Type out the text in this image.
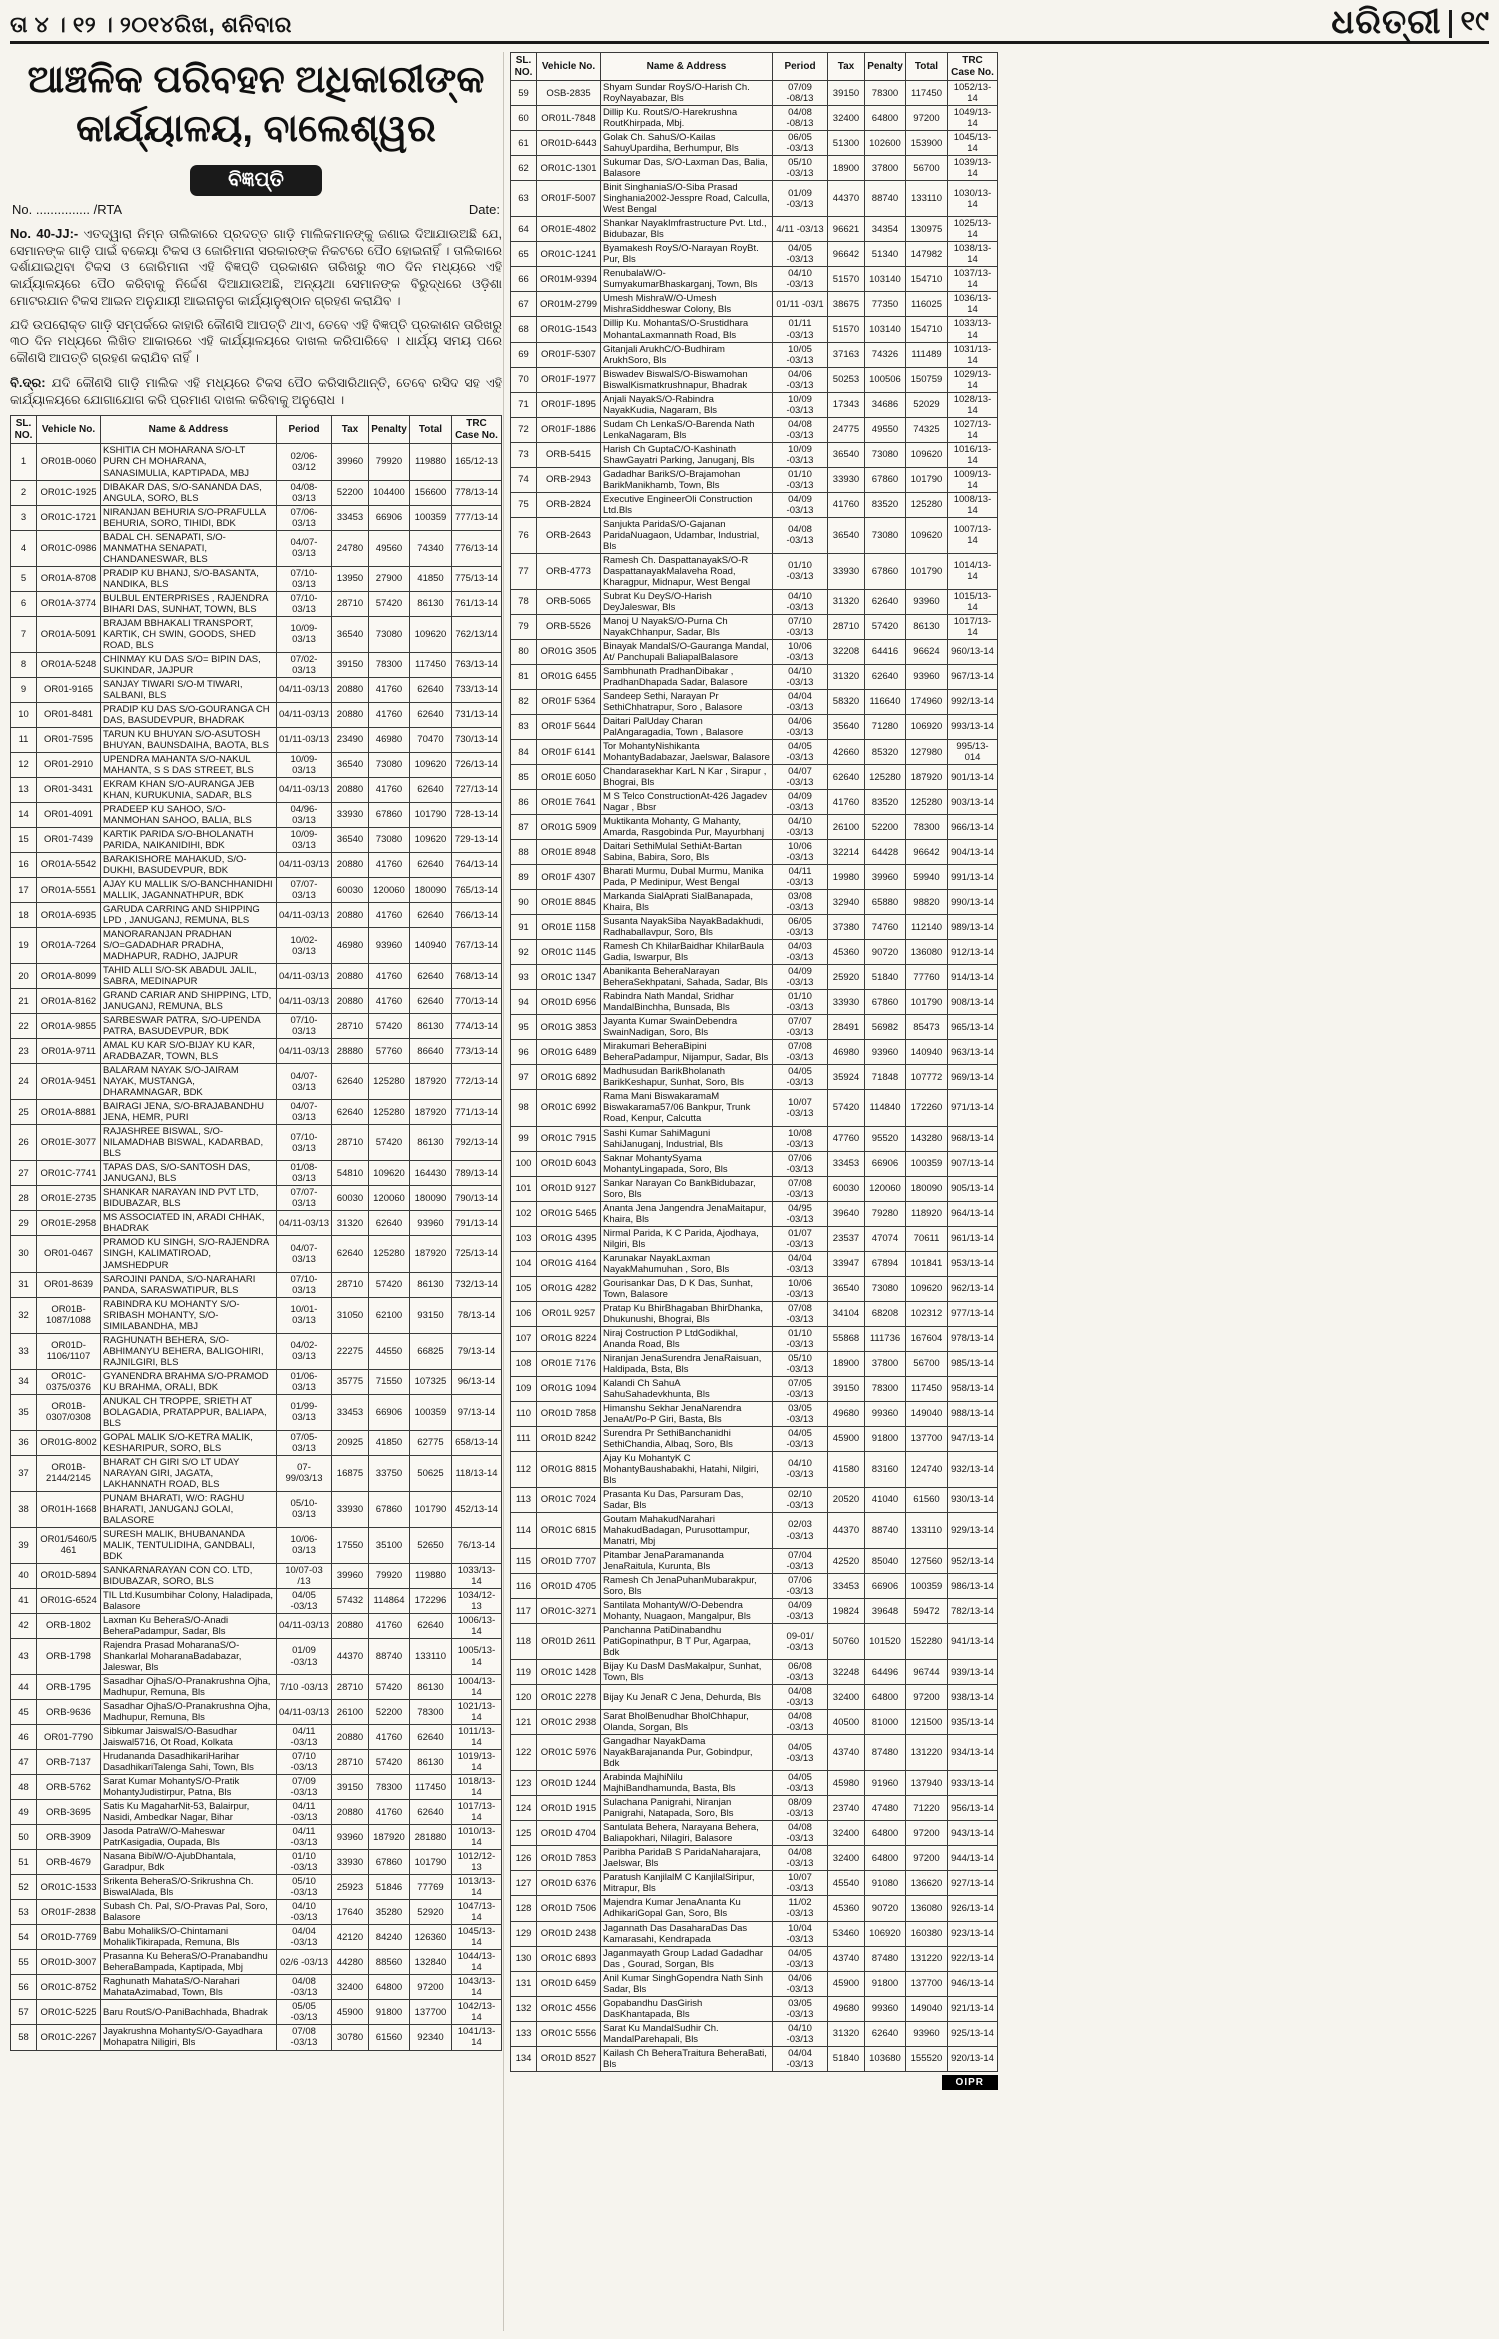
ତା ୪ । ୧୨ । ୨୦୧୪ରିଖ, ଶନିବାର	ଧରିତ୍ରୀ ୧୯
ଆଞ୍ଚଳିକ ପରିବହନ ଅଧିକାରୀଙ୍କ
କାର୍ଯ୍ୟାଳୟ, ବାଲେଶ୍ୱର
ବିଜ୍ଞପ୍ତି
No. ............... /RTA	Date:

No. 40-JJ:- ଏତଦ୍ୱାରା ନିମ୍ନ ତାଲିକାରେ ପ୍ରଦତ୍ତ ଗାଡ଼ି ମାଲିକମାନଙ୍କୁ ଜଣାଇ ଦିଆଯାଉଅଛି ଯେ, ସେମାନଙ୍କ ଗାଡ଼ି ପାଇଁ ବକେୟା ଟିକସ ଓ ଜୋରିମାନା ସରକାରଙ୍କ ନିକଟରେ ପୈଠ ହୋଇନାହିଁ । ତାଲିକାରେ ଦର୍ଶାଯାଇଥିବା ଟିକସ ଓ ଜୋରିମାନା ଏହି ବିଜ୍ଞପ୍ତି ପ୍ରକାଶନ ତାରିଖରୁ ୩୦ ଦିନ ମଧ୍ୟରେ ଏହି କାର୍ଯ୍ୟାଳୟରେ ପୈଠ କରିବାକୁ ନିର୍ଦ୍ଦେଶ ଦିଆଯାଉଅଛି, ଅନ୍ୟଥା ସେମାନଙ୍କ ବିରୁଦ୍ଧରେ ଓଡ଼ିଶା ମୋଟରଯାନ ଟିକସ ଆଇନ ଅନୁଯାୟୀ ଆଇନାନୁଗ କାର୍ଯ୍ୟାନୁଷ୍ଠାନ ଗ୍ରହଣ କରାଯିବ ।

ଯଦି ଉପରୋକ୍ତ ଗାଡ଼ି ସମ୍ପର୍କରେ କାହାରି କୌଣସି ଆପତ୍ତି ଥାଏ, ତେବେ ଏହି ବିଜ୍ଞପ୍ତି ପ୍ରକାଶନ ତାରିଖରୁ ୩୦ ଦିନ ମଧ୍ୟରେ ଲିଖିତ ଆକାରରେ ଏହି କାର୍ଯ୍ୟାଳୟରେ ଦାଖଲ କରିପାରିବେ । ଧାର୍ଯ୍ୟ ସମୟ ପରେ କୌଣସି ଆପତ୍ତି ଗ୍ରହଣ କରାଯିବ ନାହିଁ ।

ବି.ଦ୍ର: ଯଦି କୌଣସି ଗାଡ଼ି ମାଲିକ ଏହି ମଧ୍ୟରେ ଟିକସ ପୈଠ କରିସାରିଥାନ୍ତି, ତେବେ ରସିଦ ସହ ଏହି କାର୍ଯ୍ୟାଳୟରେ ଯୋଗାଯୋଗ କରି ପ୍ରମାଣ ଦାଖଲ କରିବାକୁ ଅନୁରୋଧ ।

SL. NO.	Vehicle No.	Name & Address	Period	Tax	Penalty	Total	TRC Case No.
1	OR01B-0060	KSHITIA CH MOHARANA S/O-LT PURN CH MOHARANA, SANASIMULIA, KAPTIPADA, MBJ	02/06-03/12	39960	79920	119880	165/12-13
2	OR01C-1925	DIBAKAR DAS, S/O-SANANDA DAS, ANGULA, SORO, BLS	04/08-03/13	52200	104400	156600	778/13-14
3	OR01C-1721	NIRANJAN BEHURIA S/O-PRAFULLA BEHURIA, SORO, TIHIDI, BDK	07/06-03/13	33453	66906	100359	777/13-14
4	OR01C-0986	BADAL CH. SENAPATI, S/O-MANMATHA SENAPATI, CHANDANESWAR, BLS	04/07-03/13	24780	49560	74340	776/13-14
5	OR01A-8708	PRADIP KU BHANJ, S/O-BASANTA, NANDIKA, BLS	07/10-03/13	13950	27900	41850	775/13-14
6	OR01A-3774	BULBUL ENTERPRISES , RAJENDRA BIHARI DAS, SUNHAT, TOWN, BLS	07/10-03/13	28710	57420	86130	761/13-14
7	OR01A-5091	BRAJAM BBHAKALI TRANSPORT, KARTIK, CH SWIN, GOODS, SHED ROAD, BLS	10/09-03/13	36540	73080	109620	762/13/14
8	OR01A-5248	CHINMAY KU DAS S/O= BIPIN DAS, SUKINDAR, JAJPUR	07/02-03/13	39150	78300	117450	763/13-14
9	OR01-9165	SANJAY TIWARI S/O-M TIWARI, SALBANI, BLS	04/11-03/13	20880	41760	62640	733/13-14
10	OR01-8481	PRADIP KU DAS S/O-GOURANGA CH DAS, BASUDEVPUR, BHADRAK	04/11-03/13	20880	41760	62640	731/13-14
11	OR01-7595	TARUN KU BHUYAN S/O-ASUTOSH BHUYAN, BAUNSDAIHA, BAOTA, BLS	01/11-03/13	23490	46980	70470	730/13-14
12	OR01-2910	UPENDRA MAHANTA S/O-NAKUL MAHANTA, S S DAS STREET, BLS	10/09-03/13	36540	73080	109620	726/13-14
13	OR01-3431	EKRAM KHAN S/O-AURANGA JEB KHAN, KURUKUNIA, SADAR, BLS	04/11-03/13	20880	41760	62640	727/13-14
14	OR01-4091	PRADEEP KU SAHOO, S/O-MANMOHAN SAHOO, BALIA, BLS	04/96-03/13	33930	67860	101790	728-13-14
15	OR01-7439	KARTIK PARIDA S/O-BHOLANATH PARIDA, NAIKANIDIHI, BDK	10/09-03/13	36540	73080	109620	729-13-14
16	OR01A-5542	BARAKISHORE MAHAKUD, S/O-DUKHI, BASUDEVPUR, BDK	04/11-03/13	20880	41760	62640	764/13-14
17	OR01A-5551	AJAY KU MALLIK S/O-BANCHHANIDHI MALLIK, JAGANNATHPUR, BDK	07/07-03/13	60030	120060	180090	765/13-14
18	OR01A-6935	GARUDA CARRING AND SHIPPING LPD , JANUGANJ, REMUNA, BLS	04/11-03/13	20880	41760	62640	766/13-14
19	OR01A-7264	MANORARANJAN PRADHAN S/O=GADADHAR PRADHA, MADHAPUR, RADHO, JAJPUR	10/02-03/13	46980	93960	140940	767/13-14
20	OR01A-8099	TAHID ALLI S/O-SK ABADUL JALIL, SABRA, MEDINAPUR	04/11-03/13	20880	41760	62640	768/13-14
21	OR01A-8162	GRAND CARIAR AND SHIPPING, LTD, JANUGANJ, REMUNA, BLS	04/11-03/13	20880	41760	62640	770/13-14
22	OR01A-9855	SARBESWAR PATRA, S/O-UPENDA PATRA, BASUDEVPUR, BDK	07/10-03/13	28710	57420	86130	774/13-14
23	OR01A-9711	AMAL KU KAR S/O-BIJAY KU KAR, ARADBAZAR, TOWN, BLS	04/11-03/13	28880	57760	86640	773/13-14
24	OR01A-9451	BALARAM NAYAK S/O-JAIRAM NAYAK, MUSTANGA, DHARAMNAGAR, BDK	04/07-03/13	62640	125280	187920	772/13-14
25	OR01A-8881	BAIRAGI JENA, S/O-BRAJABANDHU JENA, HEMR, PURI	04/07-03/13	62640	125280	187920	771/13-14
26	OR01E-3077	RAJASHREE BISWAL, S/O-NILAMADHAB BISWAL, KADARBAD, BLS	07/10-03/13	28710	57420	86130	792/13-14
27	OR01C-7741	TAPAS DAS, S/O-SANTOSH DAS, JANUGANJ, BLS	01/08-03/13	54810	109620	164430	789/13-14
28	OR01E-2735	SHANKAR NARAYAN IND PVT LTD, BIDUBAZAR, BLS	07/07-03/13	60030	120060	180090	790/13-14
29	OR01E-2958	MS ASSOCIATED IN, ARADI CHHAK, BHADRAK	04/11-03/13	31320	62640	93960	791/13-14
30	OR01-0467	PRAMOD KU SINGH, S/O-RAJENDRA SINGH, KALIMATIROAD, JAMSHEDPUR	04/07-03/13	62640	125280	187920	725/13-14
31	OR01-8639	SAROJINI PANDA, S/O-NARAHARI PANDA, SARASWATIPUR, BLS	07/10-03/13	28710	57420	86130	732/13-14
32	OR01B-1087/1088	RABINDRA KU MOHANTY S/O-SRIBASH MOHANTY, S/O-SIMILABANDHA, MBJ	10/01-03/13	31050	62100	93150	78/13-14
33	OR01D-1106/1107	RAGHUNATH BEHERA, S/O-ABHIMANYU BEHERA, BALIGOHIRI, RAJNILGIRI, BLS	04/02-03/13	22275	44550	66825	79/13-14
34	OR01C-0375/0376	GYANENDRA BRAHMA S/O-PRAMOD KU BRAHMA, ORALI, BDK	01/06-03/13	35775	71550	107325	96/13-14
35	OR01B-0307/0308	ANUKAL CH TROPPE, SRIETH AT BOLAGADIA, PRATAPPUR, BALIAPA, BLS	01/99-03/13	33453	66906	100359	97/13-14
36	OR01G-8002	GOPAL MALIK S/O-KETRA MALIK, KESHARIPUR, SORO, BLS	07/05-03/13	20925	41850	62775	658/13-14
37	OR01B-2144/2145	BHARAT CH GIRI S/O LT UDAY NARAYAN GIRI, JAGATA, LAKHANNATH ROAD, BLS	07-99/03/13	16875	33750	50625	118/13-14
38	OR01H-1668	PUNAM BHARATI, W/O: RAGHU BHARATI, JANUGANJ GOLAI, BALASORE	05/10-03/13	33930	67860	101790	452/13-14
39	OR01/5460/5461	SURESH MALIK, BHUBANANDA MALIK, TENTULIDIHA, GANDBALI, BDK	10/06-03/13	17550	35100	52650	76/13-14
40	OR01D-5894	SANKARNARAYAN CON CO. LTD, BIDUBAZAR, SORO, BLS	10/07-03 /13	39960	79920	119880	1033/13-14
41	OR01G-6524	TIL Ltd.Kusumbihar Colony, Haladipada, Balasore	04/05 -03/13	57432	114864	172296	1034/12-13
42	ORB-1802	Laxman Ku BeheraS/O-Anadi BeheraPadampur, Sadar, Bls	04/11-03/13	20880	41760	62640	1006/13-14
43	ORB-1798	Rajendra Prasad MoharanaS/O-Shankarlal MoharanaBadabazar, Jaleswar, Bls	01/09 -03/13	44370	88740	133110	1005/13-14
44	ORB-1795	Sasadhar OjhaS/O-Pranakrushna Ojha, Madhupur, Remuna, Bls	7/10 -03/13	28710	57420	86130	1004/13-14
45	ORB-9636	Sasadhar OjhaS/O-Pranakrushna Ojha, Madhupur, Remuna, Bls	04/11-03/13	26100	52200	78300	1021/13-14
46	OR01-7790	Sibkumar JaiswalS/O-Basudhar Jaiswal5716, Ot Road, Kolkata	04/11 -03/13	20880	41760	62640	1011/13-14
47	ORB-7137	Hrudananda DasadhikariHarihar DasadhikariTalenga Sahi, Town, Bls	07/10 -03/13	28710	57420	86130	1019/13-14
48	ORB-5762	Sarat Kumar MohantyS/O-Pratik MohantyJudistirpur, Patna, Bls	07/09 -03/13	39150	78300	117450	1018/13-14
49	ORB-3695	Satis Ku MagaharNit-53, Balairpur, Nasidi, Ambedkar Nagar, Bihar	04/11 -03/13	20880	41760	62640	1017/13-14
50	ORB-3909	Jasoda PatraW/O-Maheswar PatrKasigadia, Oupada, Bls	04/11 -03/13	93960	187920	281880	1010/13-14
51	ORB-4679	Nasana BibiW/O-AjubDhantala, Garadpur, Bdk	01/10 -03/13	33930	67860	101790	1012/12-13
52	OR01C-1533	Srikenta BeheraS/O-Srikrushna Ch. BiswalAlada, Bls	05/10 -03/13	25923	51846	77769	1013/13-14
53	OR01F-2838	Subash Ch. Pal, S/O-Pravas Pal, Soro, Balasore	04/10 -03/13	17640	35280	52920	1047/13-14
54	OR01D-7769	Babu MohalikS/O-Chintamani MohalikTikirapada, Remuna, Bls	04/04 -03/13	42120	84240	126360	1045/13-14
55	OR01D-3007	Prasanna Ku BeheraS/O-Pranabandhu BeheraBampada, Kaptipada, Mbj	02/6 -03/13	44280	88560	132840	1044/13-14
56	OR01C-8752	Raghunath MahataS/O-Narahari MahataAzimabad, Town, Bls	04/08 -03/13	32400	64800	97200	1043/13-14
57	OR01C-5225	Baru RoutS/O-PaniBachhada, Bhadrak	05/05 -03/13	45900	91800	137700	1042/13-14
58	OR01C-2267	Jayakrushna MohantyS/O-Gayadhara Mohapatra Niligiri, Bls	07/08 -03/13	30780	61560	92340	1041/13-14
SL. NO.	Vehicle No.	Name & Address	Period	Tax	Penalty	Total	TRC Case No.
59	OSB-2835	Shyam Sundar RoyS/O-Harish Ch. RoyNayabazar, Bls	07/09 -08/13	39150	78300	117450	1052/13-14
60	OR01L-7848	Dillip Ku. RoutS/O-Harekrushna RoutKhirpada, Mbj.	04/08 -08/13	32400	64800	97200	1049/13-14
61	OR01D-6443	Golak Ch. SahuS/O-Kailas SahuyUpardiha, Berhumpur, Bls	06/05 -03/13	51300	102600	153900	1045/13-14
62	OR01C-1301	Sukumar Das, S/O-Laxman Das, Balia, Balasore	05/10 -03/13	18900	37800	56700	1039/13-14
63	OR01F-5007	Binit SinghaniaS/O-Siba Prasad Singhania2002-Jesspre Road, Calculla, West Bengal	01/09 -03/13	44370	88740	133110	1030/13-14
64	OR01E-4802	Shankar NayakImfrastructure Pvt. Ltd., Bidubazar, Bls	4/11 -03/13	96621	34354	130975	1025/13-14
65	OR01C-1241	Byamakesh RoyS/O-Narayan RoyBt. Pur, Bls	04/05 -03/13	96642	51340	147982	1038/13-14
66	OR01M-9394	RenubalaW/O-SumyakumarBhaskarganj, Town, Bls	04/10 -03/13	51570	103140	154710	1037/13-14
67	OR01M-2799	Umesh MishraW/O-Umesh MishraSiddheswar Colony, Bls	01/11 -03/1	38675	77350	116025	1036/13-14
68	OR01G-1543	Dillip Ku. MohantaS/O-Srustidhara MohantaLaxmannath Road, Bls	01/11 -03/13	51570	103140	154710	1033/13-14
69	OR01F-5307	Gitanjali ArukhC/O-Budhiram ArukhSoro, Bls	10/05 -03/13	37163	74326	111489	1031/13-14
70	OR01F-1977	Biswadev BiswalS/O-Biswamohan BiswalKismatkrushnapur, Bhadrak	04/06 -03/13	50253	100506	150759	1029/13-14
71	OR01F-1895	Anjali NayakS/O-Rabindra NayakKudia, Nagaram, Bls	10/09 -03/13	17343	34686	52029	1028/13-14
72	OR01F-1886	Sudam Ch LenkaS/O-Barenda Nath LenkaNagaram, Bls	04/08 -03/13	24775	49550	74325	1027/13-14
73	ORB-5415	Harish Ch GuptaC/O-Kashinath ShawGayatri Parking, Januganj, Bls	10/09 -03/13	36540	73080	109620	1016/13-14
74	ORB-2943	Gadadhar BarikS/O-Brajamohan BarikManikhamb, Town, Bls	01/10 -03/13	33930	67860	101790	1009/13-14
75	ORB-2824	Executive EngineerOli Construction Ltd.Bls	04/09 -03/13	41760	83520	125280	1008/13-14
76	ORB-2643	Sanjukta ParidaS/O-Gajanan ParidaNuagaon, Udambar, Industrial, Bls	04/08 -03/13	36540	73080	109620	1007/13-14
77	ORB-4773	Ramesh Ch. DaspattanayakS/O-R DaspattanayakMalaveha Road, Kharagpur, Midnapur, West Bengal	01/10 -03/13	33930	67860	101790	1014/13-14
78	ORB-5065	Subrat Ku DeyS/O-Harish DeyJaleswar, Bls	04/10 -03/13	31320	62640	93960	1015/13-14
79	ORB-5526	Manoj U NayakS/O-Purna Ch NayakChhanpur, Sadar, Bls	07/10 -03/13	28710	57420	86130	1017/13-14
80	OR01G 3505	Binayak MandalS/O-Gauranga Mandal, At/ Panchupali BaliapalBalasore	10/06 -03/13	32208	64416	96624	960/13-14
81	OR01G 6455	Sambhunath PradhanDibakar , PradhanDhapada Sadar, Balasore	04/10 -03/13	31320	62640	93960	967/13-14
82	OR01F 5364	Sandeep Sethi, Narayan Pr SethiChhatrapur, Soro , Balasore	04/04 -03/13	58320	116640	174960	992/13-14
83	OR01F 5644	Daitari PalUday Charan PalAngaragadia, Town , Balasore	04/06 -03/13	35640	71280	106920	993/13-14
84	OR01F 6141	Tor MohantyNishikanta MohantyBadabazar, Jaelswar, Balasore	04/05 -03/13	42660	85320	127980	995/13-014
85	OR01E 6050	Chandarasekhar KarL N Kar , Sirapur , Bhograi, Bls	04/07 -03/13	62640	125280	187920	901/13-14
86	OR01E 7641	M S Telco ConstructionAt-426 Jagadev Nagar , Bbsr	04/09 -03/13	41760	83520	125280	903/13-14
87	OR01G 5909	Muktikanta Mohanty, G Mahanty, Amarda, Rasgobinda Pur, Mayurbhanj	04/10 -03/13	26100	52200	78300	966/13-14
88	OR01E 8948	Daitari SethiMulal SethiAt-Bartan Sabina, Babira, Soro, Bls	10/06 -03/13	32214	64428	96642	904/13-14
89	OR01F 4307	Bharati Murmu, Dubal Murmu, Manika Pada, P Medinipur, West Bengal	04/11 -03/13	19980	39960	59940	991/13-14
90	OR01E 8845	Markanda SialAprati SialBanapada, Khaira, Bls	03/08 -03/13	32940	65880	98820	990/13-14
91	OR01E 1158	Susanta NayakSiba NayakBadakhudi, Radhaballavpur, Soro, Bls	06/05 -03/13	37380	74760	112140	989/13-14
92	OR01C 1145	Ramesh Ch KhilarBaidhar KhilarBaula Gadia, Iswarpur, Bls	04/03 -03/13	45360	90720	136080	912/13-14
93	OR01C 1347	Abanikanta BeheraNarayan BeheraSekhpatani, Sahada, Sadar, Bls	04/09 -03/13	25920	51840	77760	914/13-14
94	OR01D 6956	Rabindra Nath Mandal, Sridhar MandalBinchha, Bunsada, Bls	01/10 -03/13	33930	67860	101790	908/13-14
95	OR01G 3853	Jayanta Kumar SwainDebendra SwainNadigan, Soro, Bls	07/07 -03/13	28491	56982	85473	965/13-14
96	OR01G 6489	Mirakumari BeheraBipini BeheraPadampur, Nijampur, Sadar, Bls	07/08 -03/13	46980	93960	140940	963/13-14
97	OR01G 6892	Madhusudan BarikBholanath BarikKeshapur, Sunhat, Soro, Bls	04/05 -03/13	35924	71848	107772	969/13-14
98	OR01C 6992	Rama Mani BiswakaramaM Biswakarama57/06 Bankpur, Trunk Road, Kenpur, Calcutta	10/07 -03/13	57420	114840	172260	971/13-14
99	OR01C 7915	Sashi Kumar SahiMaguni SahiJanuganj, Industrial, Bls	10/08 -03/13	47760	95520	143280	968/13-14
100	OR01D 6043	Saknar MohantySyama MohantyLingapada, Soro, Bls	07/06 -03/13	33453	66906	100359	907/13-14
101	OR01D 9127	Sankar Narayan Co BankBidubazar, Soro, Bls	07/08 -03/13	60030	120060	180090	905/13-14
102	OR01G 5465	Ananta Jena Jangendra JenaMaitapur, Khaira, Bls	04/95 -03/13	39640	79280	118920	964/13-14
103	OR01G 4395	Nirmal Parida, K C Parida, Ajodhaya, Nilgiri, Bls	01/07 -03/13	23537	47074	70611	961/13-14
104	OR01G 4164	Karunakar NayakLaxman NayakMahumuhan , Soro, Bls	04/04 -03/13	33947	67894	101841	953/13-14
105	OR01G 4282	Gourisankar Das, D K Das, Sunhat, Town, Balasore	10/06 -03/13	36540	73080	109620	962/13-14
106	OR01L 9257	Pratap Ku BhirBhagaban BhirDhanka, Dhukunushi, Bhograi, Bls	07/08 -03/13	34104	68208	102312	977/13-14
107	OR01G 8224	Niraj Costruction P LtdGodikhal, Ananda Road, Bls	01/10 -03/13	55868	111736	167604	978/13-14
108	OR01E 7176	Niranjan JenaSurendra JenaRaisuan, Haldipada, Bsta, Bls	05/10 -03/13	18900	37800	56700	985/13-14
109	OR01G 1094	Kalandi Ch SahuA SahuSahadevkhunta, Bls	07/05 -03/13	39150	78300	117450	958/13-14
110	OR01D 7858	Himanshu Sekhar JenaNarendra JenaAt/Po-P Giri, Basta, Bls	03/05 -03/13	49680	99360	149040	988/13-14
111	OR01D 8242	Surendra Pr SethiBanchanidhi SethiChandia, Albaq, Soro, Bls	04/05 -03/13	45900	91800	137700	947/13-14
112	OR01G 8815	Ajay Ku MohantyK C MohantyBaushabakhi, Hatahi, Nilgiri, Bls	04/10 -03/13	41580	83160	124740	932/13-14
113	OR01C 7024	Prasanta Ku Das, Parsuram Das, Sadar, Bls	02/10 -03/13	20520	41040	61560	930/13-14
114	OR01C 6815	Goutam MahakudNarahari MahakudBadagan, Purusottampur, Manatri, Mbj	02/03 -03/13	44370	88740	133110	929/13-14
115	OR01D 7707	Pitambar JenaParamananda JenaRaitula, Kurunta, Bls	07/04 -03/13	42520	85040	127560	952/13-14
116	OR01D 4705	Ramesh Ch JenaPuhanMubarakpur, Soro, Bls	07/06 -03/13	33453	66906	100359	986/13-14
117	OR01C-3271	Santilata MohantyW/O-Debendra Mohanty, Nuagaon, Mangalpur, Bls	04/09 -03/13	19824	39648	59472	782/13-14
118	OR01D 2611	Panchanna PatiDinabandhu PatiGopinathpur, B T Pur, Agarpaa, Bdk	09-01/ -03/13	50760	101520	152280	941/13-14
119	OR01C 1428	Bijay Ku DasM DasMakalpur, Sunhat, Town, Bls	06/08 -03/13	32248	64496	96744	939/13-14
120	OR01C 2278	Bijay Ku JenaR C Jena, Dehurda, Bls	04/08 -03/13	32400	64800	97200	938/13-14
121	OR01C 2938	Sarat BholBenudhar BholChhapur, Olanda, Sorgan, Bls	04/08 -03/13	40500	81000	121500	935/13-14
122	OR01C 5976	Gangadhar NayakDama NayakBarajananda Pur, Gobindpur, Bdk	04/05 -03/13	43740	87480	131220	934/13-14
123	OR01D 1244	Arabinda MajhiNilu MajhiBandhamunda, Basta, Bls	04/05 -03/13	45980	91960	137940	933/13-14
124	OR01D 1915	Sulachana Panigrahi, Niranjan Panigrahi, Natapada, Soro, Bls	08/09 -03/13	23740	47480	71220	956/13-14
125	OR01D 4704	Santulata Behera, Narayana Behera, Baliapokhari, Nilagiri, Balasore	04/08 -03/13	32400	64800	97200	943/13-14
126	OR01D 7853	Paribha ParidaB S ParidaNaharajara, Jaelswar, Bls	04/08 -03/13	32400	64800	97200	944/13-14
127	OR01D 6376	Paratush KanjilalM C KanjilalSiripur, Mitrapur, Bls	10/07 -03/13	45540	91080	136620	927/13-14
128	OR01D 7506	Majendra Kumar JenaAnanta Ku AdhikariGopal Gan, Soro, Bls	11/02 -03/13	45360	90720	136080	926/13-14
129	OR01D 2438	Jagannath Das DasaharaDas Das Kamarasahi, Kendrapada	10/04 -03/13	53460	106920	160380	923/13-14
130	OR01C 6893	Jaganmayath Group Ladad Gadadhar Das , Gourad, Sorgan, Bls	04/05 -03/13	43740	87480	131220	922/13-14
131	OR01D 6459	Anil Kumar SinghGopendra Nath Sinh Sadar, Bls	04/06 -03/13	45900	91800	137700	946/13-14
132	OR01C 4556	Gopabandhu DasGirish DasKhantapada, Bls	03/05 -03/13	49680	99360	149040	921/13-14
133	OR01C 5556	Sarat Ku MandalSudhir Ch. MandalParehapali, Bls	04/10 -03/13	31320	62640	93960	925/13-14
134	OR01D 8527	Kailash Ch BeheraTraitura BeheraBati, Bls	04/04 -03/13	51840	103680	155520	920/13-14
OIPR
